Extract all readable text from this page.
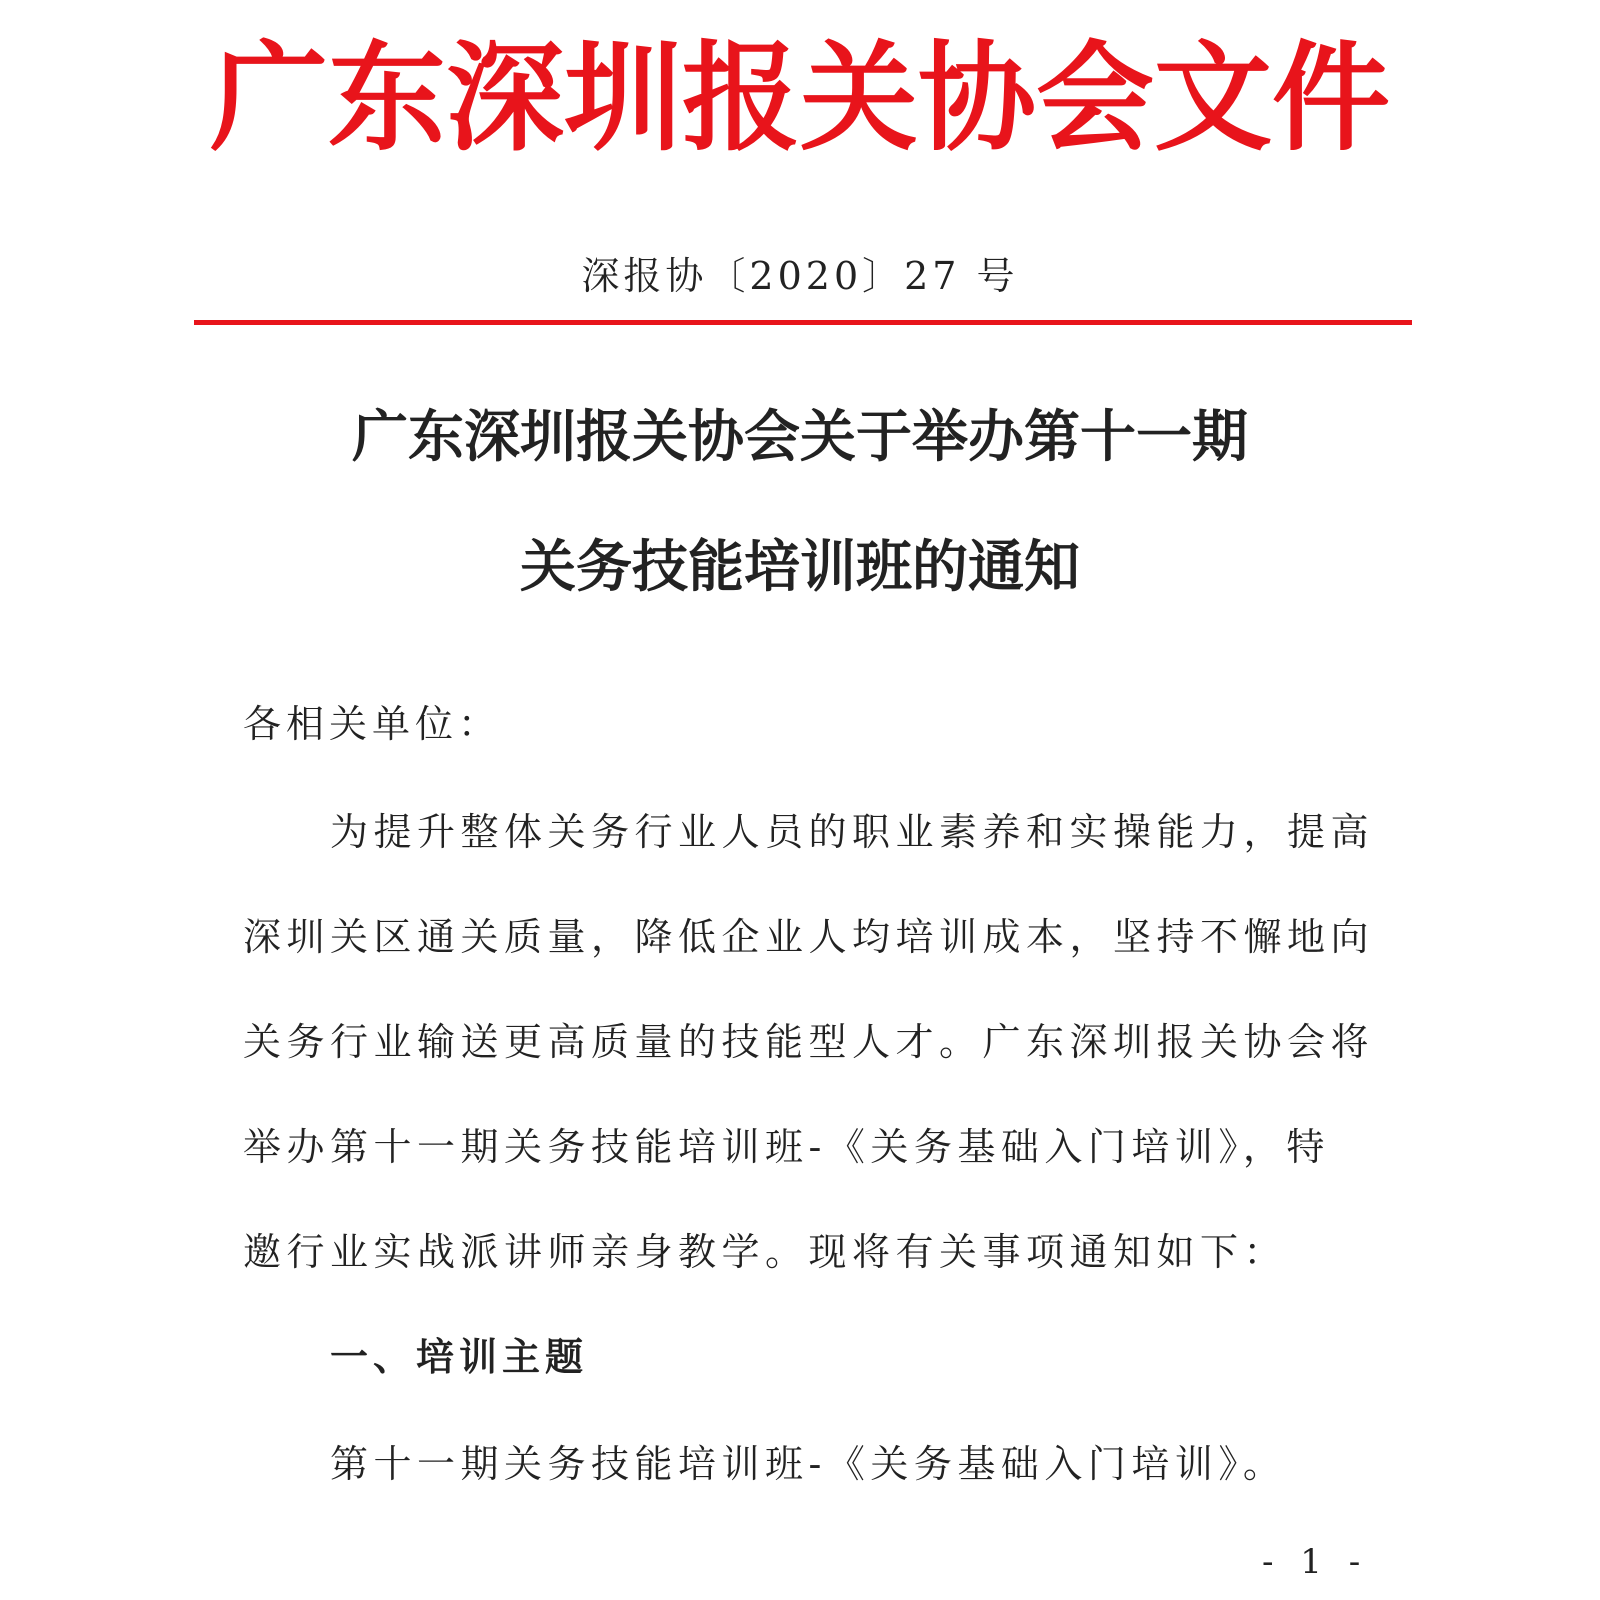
广东深圳报关协会文件
深报协〔2020〕27 号
广东深圳报关协会关于举办第十一期
关务技能培训班的通知
各相关单位：
为提升整体关务行业人员的职业素养和实操能力，提高
深圳关区通关质量，降低企业人均培训成本，坚持不懈地向
关务行业输送更高质量的技能型人才。广东深圳报关协会将
举办第十一期关务技能培训班-《关务基础入门培训》，特
邀行业实战派讲师亲身教学。现将有关事项通知如下：
一、培训主题
第十一期关务技能培训班-《关务基础入门培训》。
- 1 -
